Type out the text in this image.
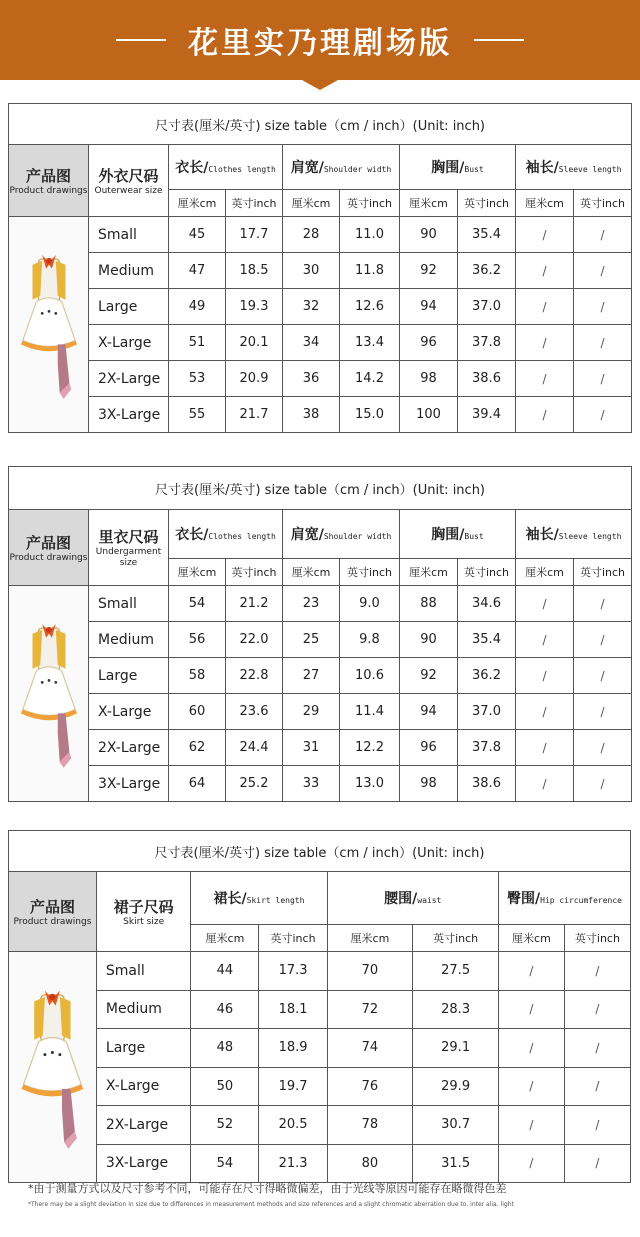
花里实乃理剧场版
尺寸表(厘米/英寸) size table（cm / inch）(Unit: inch)									

产品图
Product drawings	外衣尺码
Outerwear size	衣长/Clothes length		肩宽/Shoulder width		胸围/Bust		袖长/Sleeve length	
		厘米cm	英寸inch	厘米cm	英寸inch	厘米cm	英寸inch	厘米cm	英寸inch

	Small	45	17.7	28	11.0	90	35.4	/	/
	Medium	47	18.5	30	11.8	92	36.2	/	/
	Large	49	19.3	32	12.6	94	37.0	/	/
	X-Large	51	20.1	34	13.4	96	37.8	/	/
	2X-Large	53	20.9	36	14.2	98	38.6	/	/
	3X-Large	55	21.7	38	15.0	100	39.4	/	/
尺寸表(厘米/英寸) size table（cm / inch）(Unit: inch)									

产品图
Product drawings	里衣尺码
Undergarment size	衣长/Clothes length		肩宽/Shoulder width		胸围/Bust		袖长/Sleeve length	
		厘米cm	英寸inch	厘米cm	英寸inch	厘米cm	英寸inch	厘米cm	英寸inch

	Small	54	21.2	23	9.0	88	34.6	/	/
	Medium	56	22.0	25	9.8	90	35.4	/	/
	Large	58	22.8	27	10.6	92	36.2	/	/
	X-Large	60	23.6	29	11.4	94	37.0	/	/
	2X-Large	62	24.4	31	12.2	96	37.8	/	/
	3X-Large	64	25.2	33	13.0	98	38.6	/	/
尺寸表(厘米/英寸) size table（cm / inch）(Unit: inch)							

产品图
Product drawings	裙子尺码
Skirt size	裙长/Skirt length		腰围/waist		臀围/Hip circumference	
		厘米cm	英寸inch	厘米cm	英寸inch	厘米cm	英寸inch

	Small	44	17.3	70	27.5	/	/
	Medium	46	18.1	72	28.3	/	/
	Large	48	18.9	74	29.1	/	/
	X-Large	50	19.7	76	29.9	/	/
	2X-Large	52	20.5	78	30.7	/	/
	3X-Large	54	21.3	80	31.5	/	/
*由于测量方式以及尺寸参考不同，可能存在尺寸得略微偏差，由于光线等原因可能存在略微得色差
*There may be a slight deviation in size due to differences in measurement methods and size references and a slight chromatic aberration due to. inter alia. light
